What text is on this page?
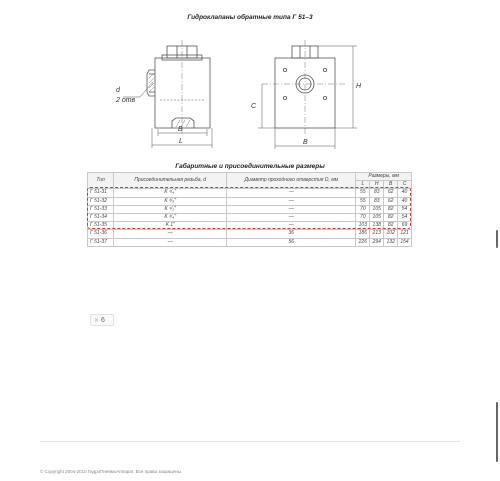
Гидроклапаны обратные типа Г 51–3
d
2 отв
B
L
C
H
B
Габаритные и присоединительные размеры
Тип	Присоединительная резьба, d	Диаметр проходного отверстия D, мм	Размеры, мм			
			L	H	B	C
Г 51-31	K ¹/₄"	—	55	83	62	40
Г 51-32	K ³/₈"	—	55	83	62	40
Г 51-33	K ¹/₂"	—	70	105	82	54
Г 51-34	K ³/₄"	—	70	105	82	54
Г 51-35	K 1"	—	103	138	82	69
Г 51-36	—	36	186	213	102	121
Г 51-37	—	56	226	294	132	154
✕ 6
© Copyright 2004-2010 ГидроПневмоАппарат. Все права защищены.
